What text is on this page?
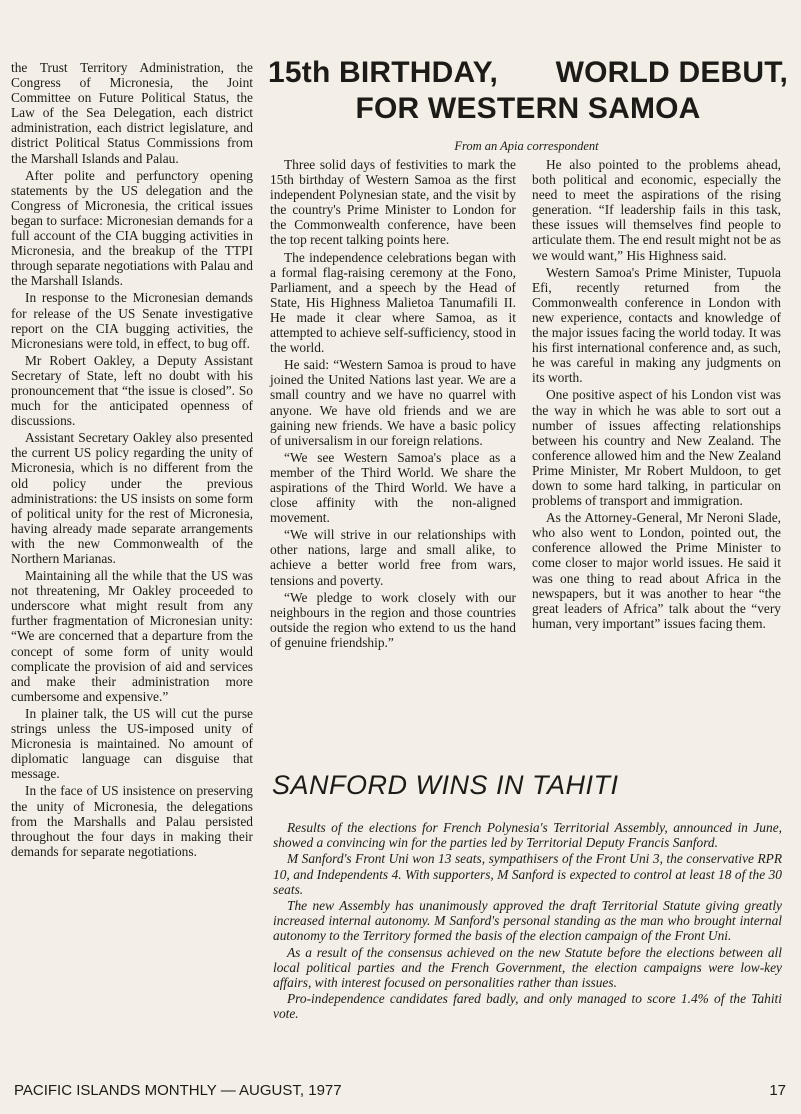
the Trust Territory Administration, the Congress of Micronesia, the Joint Committee on Future Political Status, the Law of the Sea Delegation, each district administration, each district legislature, and district Political Status Commissions from the Marshall Islands and Palau.

After polite and perfunctory opening statements by the US delegation and the Congress of Micronesia, the critical issues began to surface: Micronesian demands for a full account of the CIA bugging activities in Micronesia, and the breakup of the TTPI through separate negotiations with Palau and the Marshall Islands.

In response to the Micronesian demands for release of the US Senate investigative report on the CIA bugging activities, the Micronesians were told, in effect, to bug off.

Mr Robert Oakley, a Deputy Assistant Secretary of State, left no doubt with his pronouncement that “the issue is closed”. So much for the anticipated openness of discussions.

Assistant Secretary Oakley also presented the current US policy regarding the unity of Micronesia, which is no different from the old policy under the previous administrations: the US insists on some form of political unity for the rest of Micronesia, having already made separate arrangements with the new Commonwealth of the Northern Marianas.

Maintaining all the while that the US was not threatening, Mr Oakley proceeded to underscore what might result from any further fragmentation of Micronesian unity: “We are concerned that a departure from the concept of some form of unity would complicate the provision of aid and services and make their administration more cumbersome and expensive.”

In plainer talk, the US will cut the purse strings unless the US-imposed unity of Micronesia is maintained. No amount of diplomatic language can disguise that message.

In the face of US insistence on preserving the unity of Micronesia, the delegations from the Marshalls and Palau persisted throughout the four days in making their demands for separate negotiations.

15th BIRTHDAY, WORLD DEBUT,
FOR WESTERN SAMOA
From an Apia correspondent

Three solid days of festivities to mark the 15th birthday of Western Samoa as the first independent Polynesian state, and the visit by the country's Prime Minister to London for the Commonwealth conference, have been the top recent talking points here.

The independence celebrations began with a formal flag-raising ceremony at the Fono, Parliament, and a speech by the Head of State, His Highness Malietoa Tanumafili II. He made it clear where Samoa, as it attempted to achieve self-sufficiency, stood in the world.

He said: “Western Samoa is proud to have joined the United Nations last year. We are a small country and we have no quarrel with anyone. We have old friends and we are gaining new friends. We have a basic policy of universalism in our foreign relations.

“We see Western Samoa's place as a member of the Third World. We share the aspirations of the Third World. We have a close affinity with the non-aligned movement.

“We will strive in our relationships with other nations, large and small alike, to achieve a better world free from wars, tensions and poverty.

“We pledge to work closely with our neighbours in the region and those countries outside the region who extend to us the hand of genuine friendship.”

He also pointed to the problems ahead, both political and economic, especially the need to meet the aspirations of the rising generation. “If leadership fails in this task, these issues will themselves find people to articulate them. The end result might not be as we would want,” His Highness said.

Western Samoa's Prime Minister, Tupuola Efi, recently returned from the Commonwealth conference in London with new experience, contacts and knowledge of the major issues facing the world today. It was his first international conference and, as such, he was careful in making any judgments on its worth.

One positive aspect of his London vist was the way in which he was able to sort out a number of issues affecting relationships between his country and New Zealand. The conference allowed him and the New Zealand Prime Minister, Mr Robert Muldoon, to get down to some hard talking, in particular on problems of transport and immigration.

As the Attorney-General, Mr Neroni Slade, who also went to London, pointed out, the conference allowed the Prime Minister to come closer to major world issues. He said it was one thing to read about Africa in the newspapers, but it was another to hear “the great leaders of Africa” talk about the “very human, very important” issues facing them.

SANFORD WINS IN TAHITI

Results of the elections for French Polynesia's Territorial Assembly, announced in June, showed a convincing win for the parties led by Territorial Deputy Francis Sanford.

M Sanford's Front Uni won 13 seats, sympathisers of the Front Uni 3, the conservative RPR 10, and Independents 4. With supporters, M Sanford is expected to control at least 18 of the 30 seats.

The new Assembly has unanimously approved the draft Territorial Statute giving greatly increased internal autonomy. M Sanford's personal standing as the man who brought internal autonomy to the Territory formed the basis of the election campaign of the Front Uni.

As a result of the consensus achieved on the new Statute before the elections between all local political parties and the French Government, the election campaigns were low-key affairs, with interest focused on personalities rather than issues.

Pro-independence candidates fared badly, and only managed to score 1.4% of the Tahiti vote.

PACIFIC ISLANDS MONTHLY — AUGUST, 1977	17
